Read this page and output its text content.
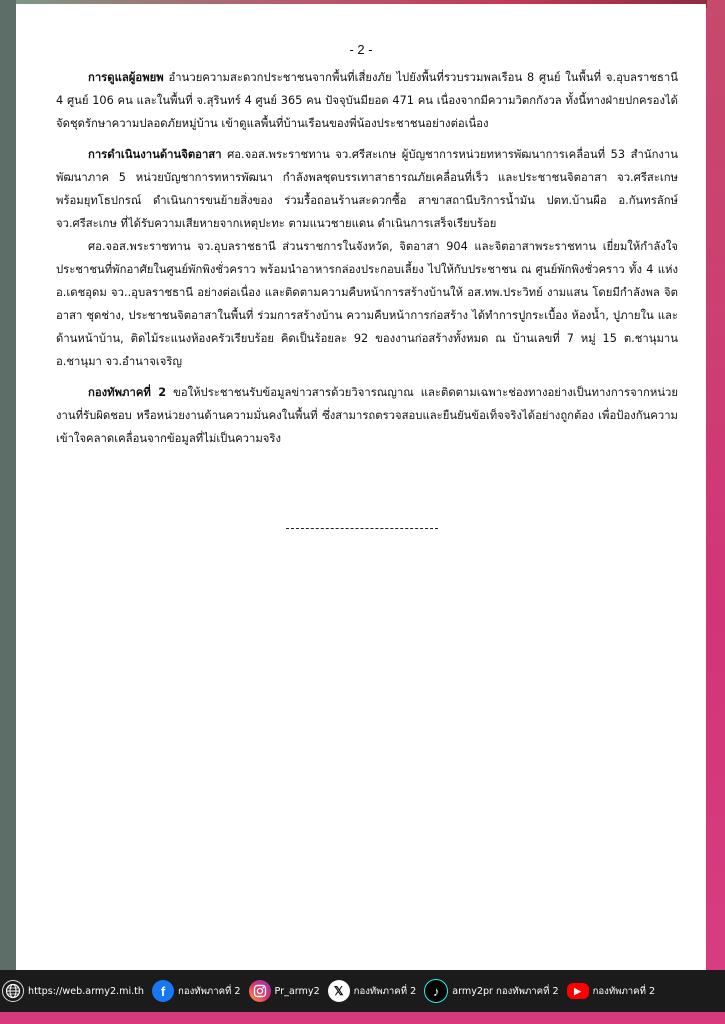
- 2 -

การดูแลผู้อพยพ อำนวยความสะดวกประชาชนจากพื้นที่เสี่ยงภัย ไปยังพื้นที่รวบรวมพลเรือน 8 ศูนย์ ในพื้นที่ จ.อุบลราชธานี 4 ศูนย์ 106 คน และในพื้นที่ จ.สุรินทร์ 4 ศูนย์ 365 คน ปัจจุบันมียอด 471 คน เนื่องจากมีความวิตกกังวล ทั้งนี้ทางฝ่ายปกครองได้จัดชุดรักษาความปลอดภัยหมู่บ้าน เข้าดูแลพื้นที่บ้านเรือนของพี่น้องประชาชนอย่างต่อเนื่อง

การดำเนินงานด้านจิตอาสา ศอ.จอส.พระราชทาน จว.ศรีสะเกษ ผู้บัญชาการหน่วยทหารพัฒนาการเคลื่อนที่ 53 สำนักงานพัฒนาภาค 5 หน่วยบัญชาการทหารพัฒนา กำลังพลชุดบรรเทาสาธารณภัยเคลื่อนที่เร็ว และประชาชนจิตอาสา จว.ศรีสะเกษ พร้อมยุทโธปกรณ์ ดำเนินการขนย้ายสิ่งของ ร่วมรื้อถอนร้านสะดวกซื้อ สาขาสถานีบริการน้ำมัน ปตท.บ้านผือ อ.กันทรลักษ์ จว.ศรีสะเกษ ที่ได้รับความเสียหายจากเหตุปะทะ ตามแนวชายแดน ดำเนินการเสร็จเรียบร้อย

ศอ.จอส.พระราชทาน จว.อุบลราชธานี ส่วนราชการในจังหวัด, จิตอาสา 904 และจิตอาสาพระราชทาน เยี่ยมให้กำลังใจประชาชนที่พักอาศัยในศูนย์พักพิงชั่วคราว พร้อมนำอาหารกล่องประกอบเลี้ยง ไปให้กับประชาชน ณ ศูนย์พักพิงชั่วคราว ทั้ง 4 แห่ง อ.เดชอุดม จว..อุบลราชธานี อย่างต่อเนื่อง และติดตามความคืบหน้าการสร้างบ้านให้ อส.ทพ.ประวิทย์ งามแสน โดยมีกำลังพล จิตอาสา ชุดช่าง, ประชาชนจิตอาสาในพื้นที่ ร่วมการสร้างบ้าน ความคืบหน้าการก่อสร้าง ได้ทำการปูกระเบื้อง ห้องน้ำ, ปูภายใน และด้านหน้าบ้าน, ติดไม้ระแนงห้องครัวเรียบร้อย คิดเป็นร้อยละ 92 ของงานก่อสร้างทั้งหมด ณ บ้านเลขที่ 7 หมู่ 15 ต.ชานุมาน อ.ชานุมา จว.อำนาจเจริญ

กองทัพภาคที่ 2 ขอให้ประชาชนรับข้อมูลข่าวสารด้วยวิจารณญาณ และติดตามเฉพาะช่องทางอย่างเป็นทางการจากหน่วยงานที่รับผิดชอบ หรือหน่วยงานด้านความมั่นคงในพื้นที่ ซึ่งสามารถตรวจสอบและยืนยันข้อเท็จจริงได้อย่างถูกต้อง เพื่อป้องกันความเข้าใจคลาดเคลื่อนจากข้อมูลที่ไม่เป็นความจริง

https://web.army2.mi.th	f	กองทัพภาคที่ 2	Pr_army2	𝕏	กองทัพภาคที่ 2	♪	army2pr กองทัพภาคที่ 2	▶	กองทัพภาคที่ 2
